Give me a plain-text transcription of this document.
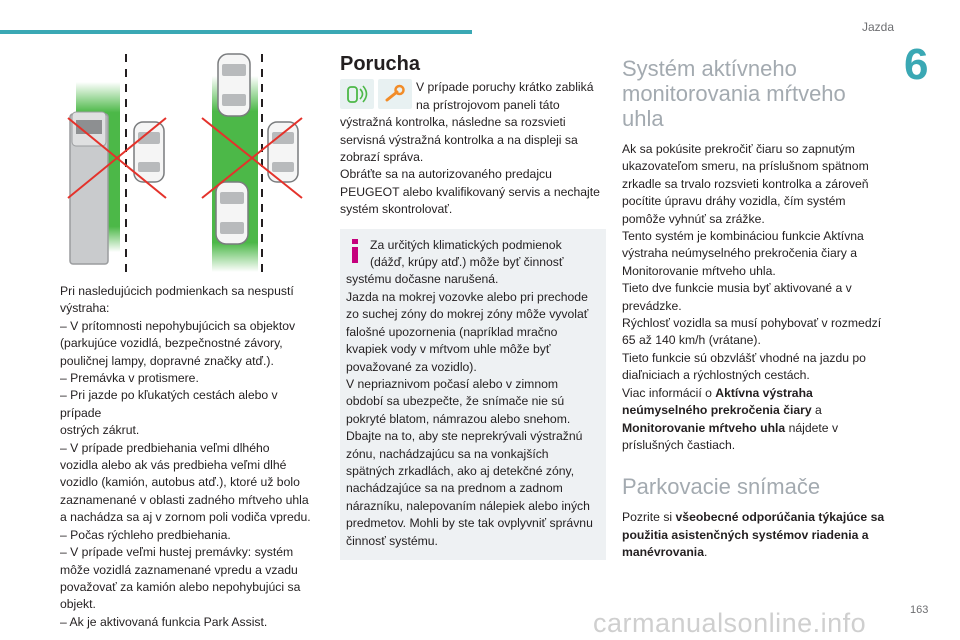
Jazda
6
Pri nasledujúcich podmienkach sa nespustí
výstraha:
– V prítomnosti nepohybujúcich sa objektov
(parkujúce vozidlá, bezpečnostné závory,
pouličnej lampy, dopravné značky atď.).
– Premávka v protismere.
– Pri jazde po kľukatých cestách alebo v prípade
ostrých zákrut.
– V prípade predbiehania veľmi dlhého
vozidla alebo ak vás predbieha veľmi dlhé
vozidlo (kamión, autobus atď.), ktoré už bolo
zaznamenané v oblasti zadného mŕtveho uhla
a nachádza sa aj v zornom poli vodiča vpredu.
– Počas rýchleho predbiehania.
– V prípade veľmi hustej premávky: systém
môže vozidlá zaznamenané vpredu a vzadu
považovať za kamión alebo nepohybujúci sa
objekt.
– Ak je aktivovaná funkcia Park Assist.
Porucha
V prípade poruchy krátko zabliká
na prístrojovom paneli táto
výstražná kontrolka, následne sa rozsvieti
servisná výstražná kontrolka a na displeji sa
zobrazí správa.
Obráťte sa na autorizovaného predajcu
PEUGEOT alebo kvalifikovaný servis a nechajte
systém skontrolovať.
Za určitých klimatických podmienok
(dážď, krúpy atď.) môže byť činnosť
systému dočasne narušená.
Jazda na mokrej vozovke alebo pri prechode
zo suchej zóny do mokrej zóny môže vyvolať
falošné upozornenia (napríklad mračno
kvapiek vody v mŕtvom uhle môže byť
považované za vozidlo).
V nepriaznivom počasí alebo v zimnom
období sa ubezpečte, že snímače nie sú
pokryté blatom, námrazou alebo snehom.
Dbajte na to, aby ste neprekrývali výstražnú
zónu, nachádzajúcu sa na vonkajších
spätných zrkadlách, ako aj detekčné zóny,
nachádzajúce sa na prednom a zadnom
nárazníku, nalepovaním nálepiek alebo iných
predmetov. Mohli by ste tak ovplyvniť správnu
činnosť systému.
Systém aktívneho monitorovania mŕtveho uhla
Ak sa pokúsite prekročiť čiaru so zapnutým
ukazovateľom smeru, na príslušnom spätnom
zrkadle sa trvalo rozsvieti kontrolka a zároveň
pocítite úpravu dráhy vozidla, čím systém
pomôže vyhnúť sa zrážke.
Tento systém je kombináciou funkcie Aktívna
výstraha neúmyselného prekročenia čiary a
Monitorovanie mŕtveho uhla.
Tieto dve funkcie musia byť aktivované a v
prevádzke.
Rýchlosť vozidla sa musí pohybovať v rozmedzí
65 až 140 km/h (vrátane).
Tieto funkcie sú obzvlášť vhodné na jazdu po
diaľniciach a rýchlostných cestách.

Viac informácií o Aktívna výstraha
neúmyselného prekročenia čiary a
Monitorovanie mŕtveho uhla nájdete v
príslušných častiach.

Parkovacie snímače

Pozrite si všeobecné odporúčania týkajúce sa
použitia asistenčných systémov riadenia a
manévrovania.

carmanualsonline.info	163
